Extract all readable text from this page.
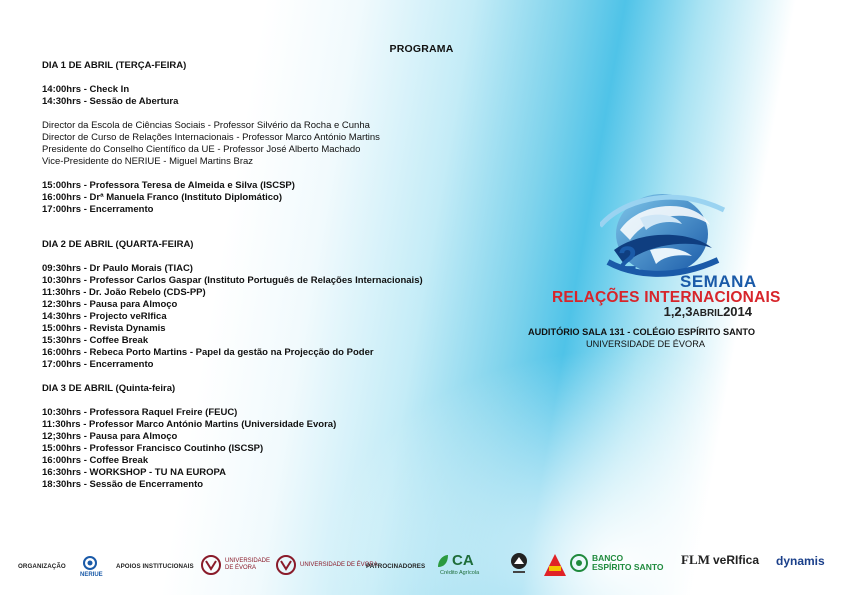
PROGRAMA
DIA 1 DE ABRIL (TERÇA-FEIRA)
14:00hrs - Check In
14:30hrs - Sessão de Abertura
Director da Escola de Ciências Sociais - Professor Silvério da Rocha e Cunha
Director de Curso de Relações Internacionais - Professor Marco António Martins
Presidente do Conselho Científico da UE - Professor José Alberto Machado
Vice-Presidente do NERIUE - Miguel Martins Braz
15:00hrs - Professora Teresa de Almeida e Silva (ISCSP)
16:00hrs - Drª Manuela Franco (Instituto Diplomático)
17:00hrs - Encerramento
DIA 2 DE ABRIL (QUARTA-FEIRA)
09:30hrs - Dr Paulo Morais (TIAC)
10:30hrs - Professor Carlos Gaspar (Instituto Português de Relações Internacionais)
11:30hrs - Dr. João Rebelo (CDS-PP)
12:30hrs - Pausa para Almoço
14:30hrs - Projecto veRIfica
15:00hrs - Revista Dynamis
15:30hrs - Coffee Break
16:00hrs - Rebeca Porto Martins - Papel da gestão na Projecção do Poder
17:00hrs - Encerramento
DIA 3 DE ABRIL (Quinta-feira)
10:30hrs - Professora Raquel Freire (FEUC)
11:30hrs - Professor Marco António Martins (Universidade Evora)
12;30hrs - Pausa para Almoço
15:00hrs - Professor Francisco Coutinho (ISCSP)
16:00hrs - Coffee Break
16:30hrs - WORKSHOP - TU NA EUROPA
18:30hrs - Sessão de Encerramento
2
SEMANA
RELAÇÕES INTERNACIONAIS
1,2,3ABRIL2014
AUDITÓRIO SALA 131 - COLÉGIO ESPÍRITO SANTO
UNIVERSIDADE DE ÉVORA
ORGANIZAÇÃO
NERIUE
APOIOS INSTITUCIONAIS
UNIVERSIDADE
DE ÉVORA
UNIVERSIDADE DE ÉVORA
PATROCINADORES CA
Crédito Agrícola
BANCO
ESPÍRITO SANTO FLM veRIfica dynamis
